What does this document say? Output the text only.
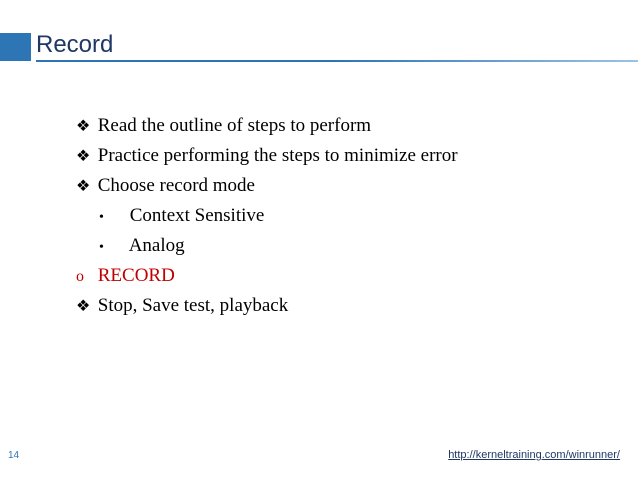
Record
❖ Read the outline of steps to perform
❖ Practice performing the steps to minimize error
❖ Choose record mode
• Context Sensitive
• Analog
o RECORD
❖ Stop, Save test, playback
14	http://kerneltraining.com/winrunner/
